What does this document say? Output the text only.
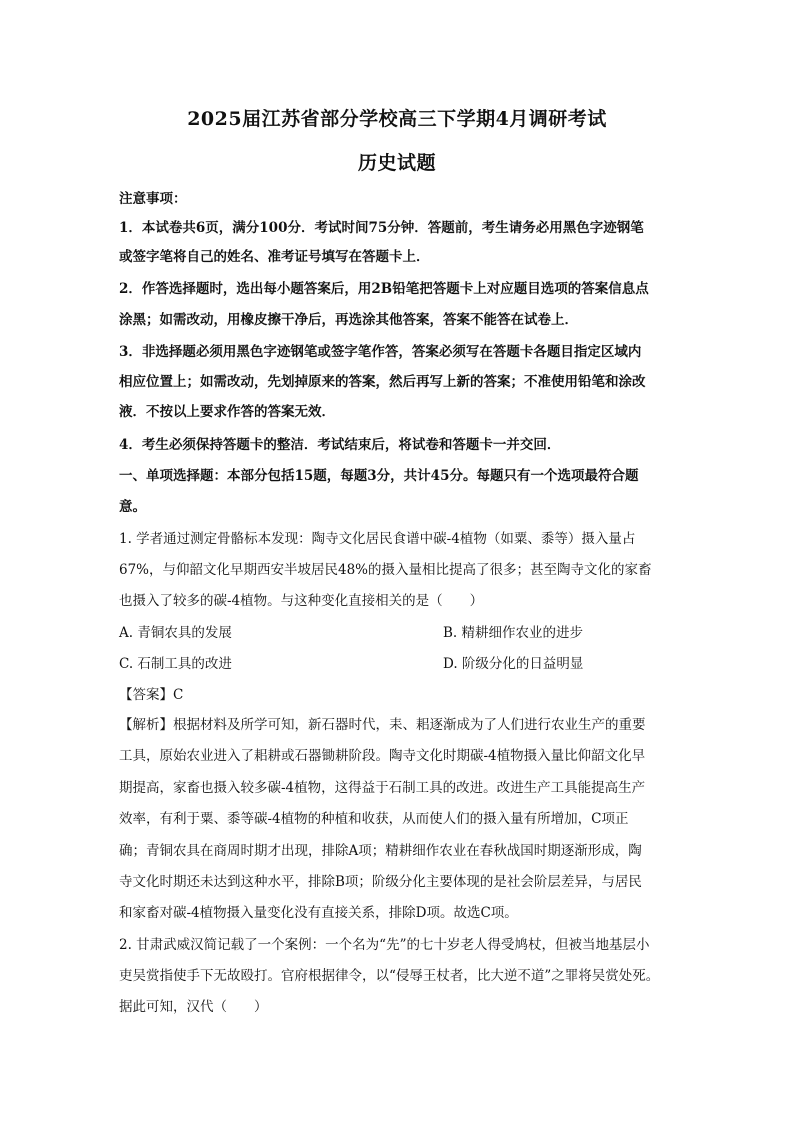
2025届江苏省部分学校高三下学期4月调研考试
历史试题
注意事项：
1．本试卷共6页，满分100分．考试时间75分钟．答题前，考生请务必用黑色字迹钢笔
或签字笔将自己的姓名、准考证号填写在答题卡上．
2．作答选择题时，选出每小题答案后，用2B铅笔把答题卡上对应题目选项的答案信息点
涂黑；如需改动，用橡皮擦干净后，再选涂其他答案，答案不能答在试卷上．
3．非选择题必须用黑色字迹钢笔或签字笔作答，答案必须写在答题卡各题目指定区域内
相应位置上；如需改动，先划掉原来的答案，然后再写上新的答案；不准使用铅笔和涂改
液．不按以上要求作答的答案无效．
4．考生必须保持答题卡的整洁．考试结束后，将试卷和答题卡一并交回．
一、单项选择题：本部分包括15题，每题3分，共计45分。每题只有一个选项最符合题
意。
1. 学者通过测定骨骼标本发现：陶寺文化居民食谱中碳-4植物（如粟、黍等）摄入量占
67%，与仰韶文化早期西安半坡居民48%的摄入量相比提高了很多；甚至陶寺文化的家畜
也摄入了较多的碳-4植物。与这种变化直接相关的是（　　）
A. 青铜农具的发展	B. 精耕细作农业的进步
C. 石制工具的改进	D. 阶级分化的日益明显
【答案】C
【解析】根据材料及所学可知，新石器时代，耒、耜逐渐成为了人们进行农业生产的重要
工具，原始农业进入了耜耕或石器锄耕阶段。陶寺文化时期碳-4植物摄入量比仰韶文化早
期提高，家畜也摄入较多碳-4植物，这得益于石制工具的改进。改进生产工具能提高生产
效率，有利于粟、黍等碳-4植物的种植和收获，从而使人们的摄入量有所增加，C项正
确；青铜农具在商周时期才出现，排除A项；精耕细作农业在春秋战国时期逐渐形成，陶
寺文化时期还未达到这种水平，排除B项；阶级分化主要体现的是社会阶层差异，与居民
和家畜对碳-4植物摄入量变化没有直接关系，排除D项。故选C项。
2. 甘肃武威汉简记载了一个案例：一个名为“先”的七十岁老人得受鸠杖，但被当地基层小
吏吴赏指使手下无故殴打。官府根据律令，以“侵辱王杖者，比大逆不道”之罪将吴赏处死。
据此可知，汉代（　　）
